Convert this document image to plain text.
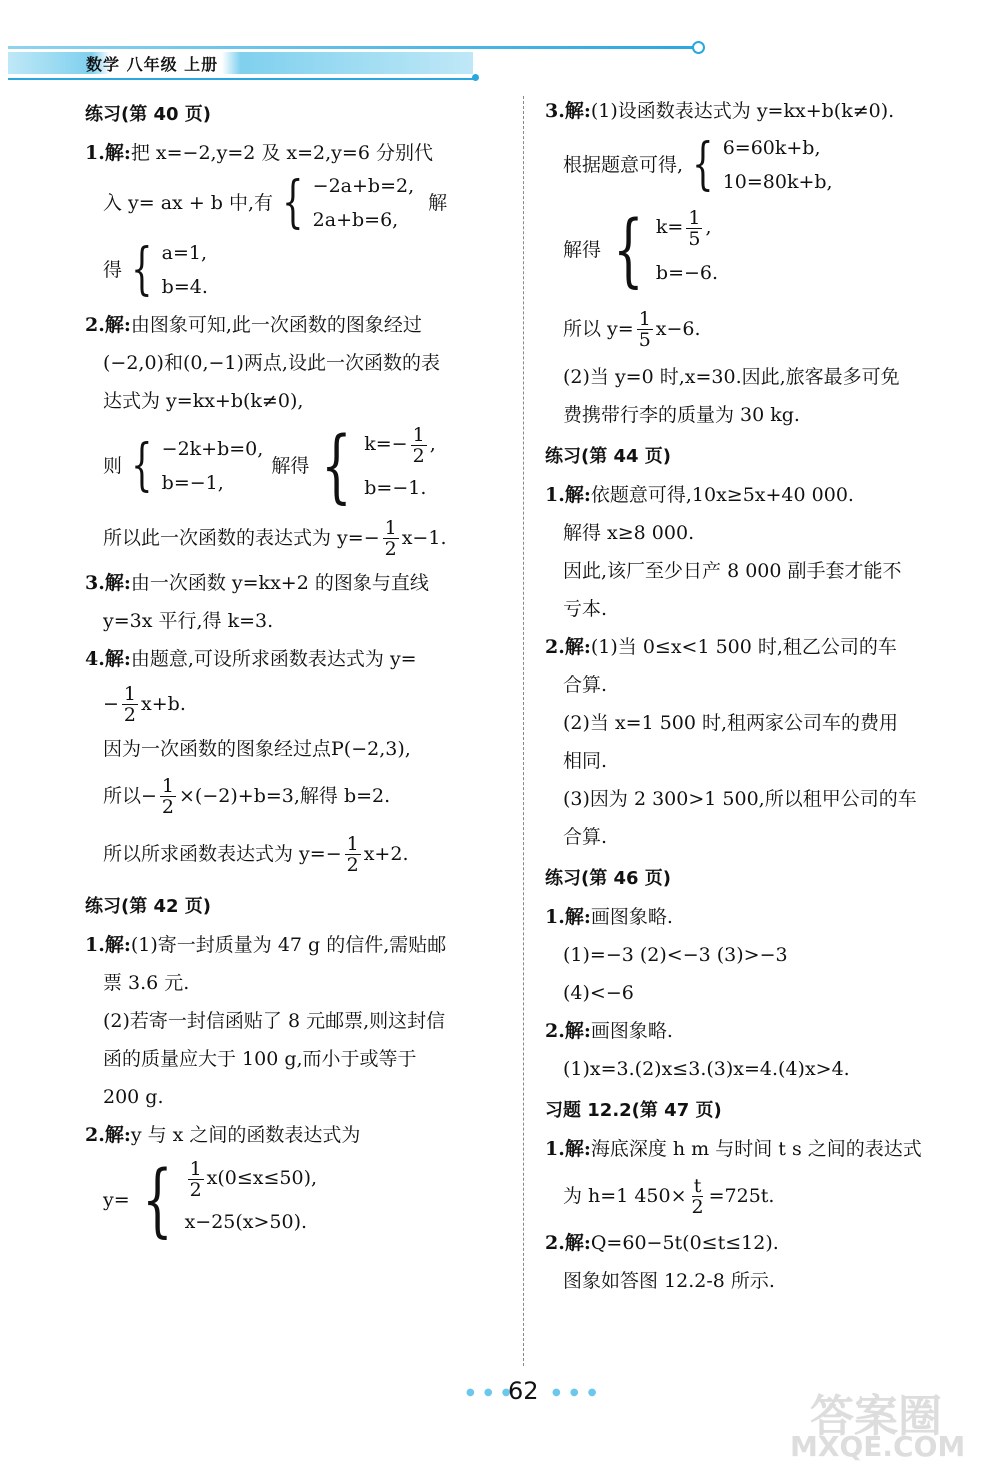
数学 八年级 上册

练习(第 40 页)

1.解:把 x=−2,y=2 及 x=2,y=6 分别代

入 y= ax + b 中,有 { −2a+b=2,
2a+b=6,
解
得 { a=1,
b=4.

2.解:由图象可知,此一次函数的图象经过

(−2,0)和(0,−1)两点,设此一次函数的表

达式为 y=kx+b(k≠0),

则 { −2k+b=0,
b=−1,
解得 { $k=- \frac{1}{2}$ ,
b=−1.
所以此一次函数的表达式为 $y=- \frac{1}{2} x-1$.

3.解:由一次函数 y=kx+2 的图象与直线

y=3x 平行,得 k=3.

4.解:由题意,可设所求函数表达式为 y=

− $\frac{1}{2} x+b$.

因为一次函数的图象经过点P(−2,3),

所以− $\frac{1}{2} \times(-2)+b=3$,解得 b=2.
所以所求函数表达式为 $y=- \frac{1}{2} x+2$.

练习(第 42 页)

1.解:(1)寄一封质量为 47 g 的信件,需贴邮

票 3.6 元.

(2)若寄一封信函贴了 8 元邮票,则这封信

函的质量应大于 100 g,而小于或等于

200 g.

2.解:y 与 x 之间的函数表达式为

y= { $\frac{1}{2} x(0\le x\le 50)$,
x−25(x>50).

3.解:(1)设函数表达式为 y=kx+b(k≠0).

根据题意可得, { 6=60k+b,
10=80k+b,
解得 { $k= \frac{1}{5}$ ,
b=−6.
所以 $y= \frac{1}{5} x-6$.

(2)当 y=0 时,x=30.因此,旅客最多可免

费携带行李的质量为 30 kg.

练习(第 44 页)

1.解:依题意可得,10x≥5x+40 000.

解得 x≥8 000.

因此,该厂至少日产 8 000 副手套才能不

亏本.

2.解:(1)当 0≤x<1 500 时,租乙公司的车

合算.

(2)当 x=1 500 时,租两家公司车的费用

相同.

(3)因为 2 300>1 500,所以租甲公司的车

合算.

练习(第 46 页)

1.解:画图象略.

(1)=−3 (2)<−3 (3)>−3

(4)<−6

2.解:画图象略.

(1)x=3.(2)x≤3.(3)x=4.(4)x>4.

习题 12.2(第 47 页)

1.解:海底深度 h m 与时间 t s 之间的表达式

为 h=1 $450\times \frac{t}{2} =725t$.

2.解:Q=60−5t(0≤t≤12).

图象如答图 12.2-8 所示.

● ● ●
62 ● ● ●	答案圈
MXQE.COM
